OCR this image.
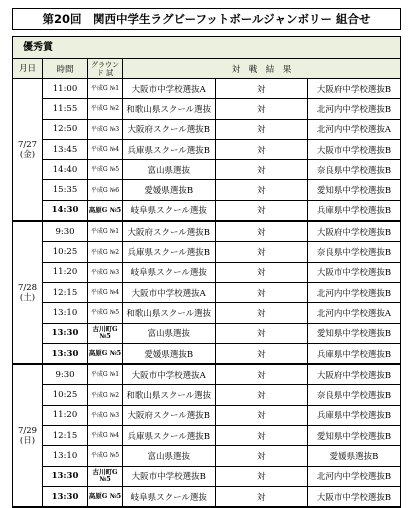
第20回　関西中学生ラグビーフットボールジャンボリー 組合せ
優秀賞
月日	時間	グラウンド 試	対　戦　結　果		
7/27 (金)	11:00	平成G №1	大阪市中学校選抜A	対	大阪府中学校選抜B
	11:55	平成G №2	和歌山県スクール選抜	対	北河内中学校選抜B
	12:50	平成G №3	大阪府スクール選抜B	対	北河内中学校選抜A
	13:45	平成G №4	兵庫県スクール選抜B	対	大阪市中学校選抜B
	14:40	平成G №5	富山県選抜	対	奈良県中学校選抜B
	15:35	平成G №6	愛媛県選抜B	対	愛知県中学校選抜B
	14:30	高原G №5	岐阜県スクール選抜	対	兵庫県中学校選抜B
7/28 (土)	9:30	平成G №1	大阪府スクール選抜B	対	大阪府中学校選抜B
	10:25	平成G №2	兵庫県スクール選抜B	対	奈良県中学校選抜B
	11:20	平成G №3	岐阜県スクール選抜	対	大阪市中学校選抜B
	12:15	平成G №4	大阪市中学校選抜A	対	北河内中学校選抜B
	13:10	平成G №5	和歌山県スクール選抜	対	北河内中学校選抜A
	13:30	古川町G №5	富山県選抜	対	愛知県中学校選抜B
	13:30	高原G №5	愛媛県選抜B	対	兵庫県中学校選抜B
7/29 (日)	9:30	平成G №1	大阪市中学校選抜A	対	大阪府中学校選抜B
	10:25	平成G №2	和歌山県スクール選抜	対	奈良県中学校選抜B
	11:20	平成G №3	大阪府スクール選抜B	対	兵庫県中学校選抜B
	12:15	平成G №4	兵庫県スクール選抜B	対	愛知県中学校選抜B
	13:10	平成G №5	富山県選抜	対	愛媛県選抜B
	13:30	古川町G №5	大阪市中学校選抜B	対	北河内中学校選抜B
	13:30	高原G №5	岐阜県スクール選抜	対	大阪市中学校選抜B
